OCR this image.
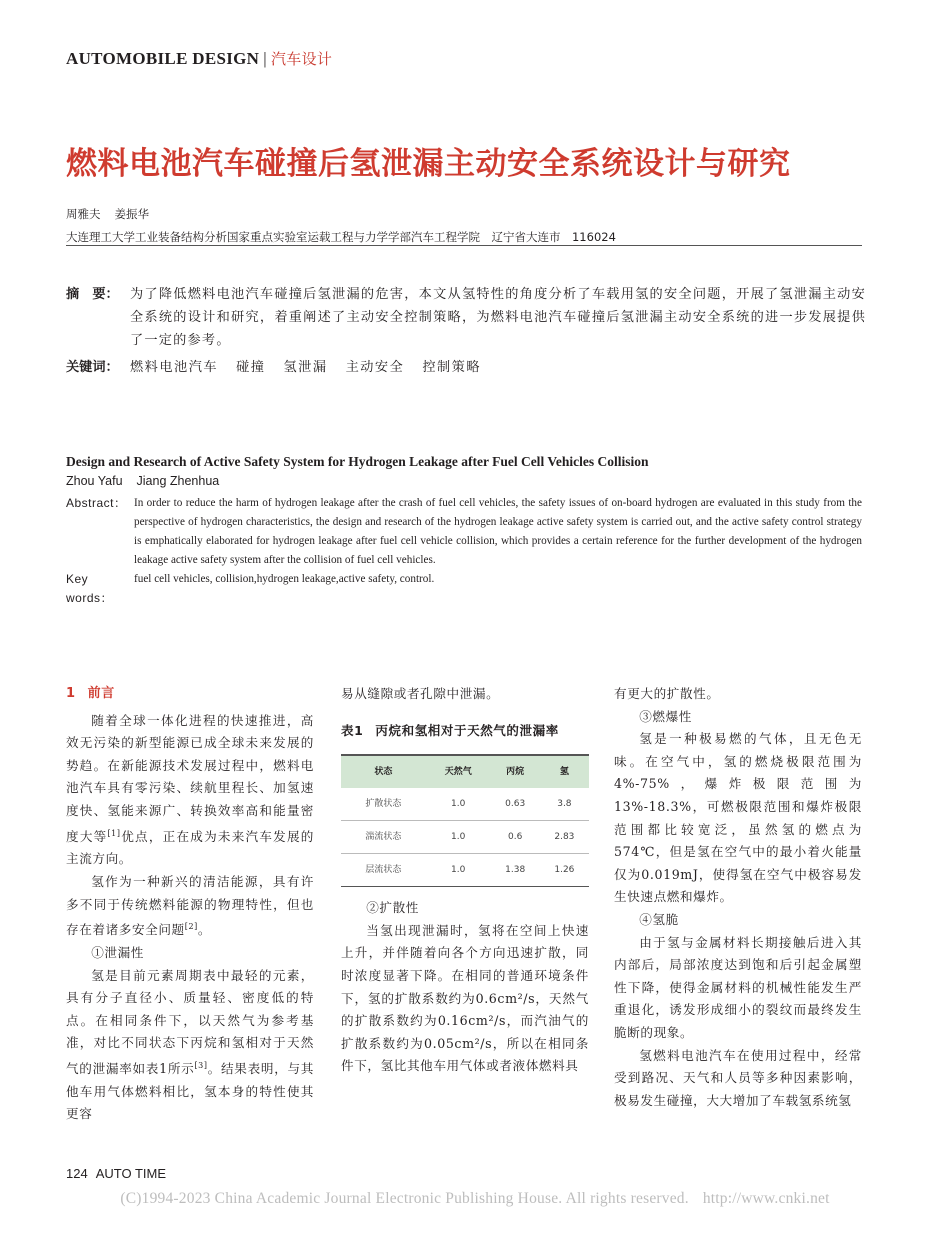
AUTOMOBILE DESIGN | 汽车设计
燃料电池汽车碰撞后氢泄漏主动安全系统设计与研究
周雅夫 姜振华
大连理工大学工业装备结构分析国家重点实验室运载工程与力学学部汽车工程学院　辽宁省大连市　116024
摘　要： 为了降低燃料电池汽车碰撞后氢泄漏的危害，本文从氢特性的角度分析了车载用氢的安全问题，开展了氢泄漏主动安全系统的设计和研究，着重阐述了主动安全控制策略，为燃料电池汽车碰撞后氢泄漏主动安全系统的进一步发展提供了一定的参考。
关键词： 燃料电池汽车 碰撞 氢泄漏 主动安全 控制策略
Design and Research of Active Safety System for Hydrogen Leakage after Fuel Cell Vehicles Collision
Zhou Yafu Jiang Zhenhua
Abstract： In order to reduce the harm of hydrogen leakage after the crash of fuel cell vehicles, the safety issues of on-board hydrogen are evaluated in this study from the perspective of hydrogen characteristics, the design and research of the hydrogen leakage active safety system is carried out, and the active safety control strategy is emphatically elaborated for hydrogen leakage after fuel cell vehicle collision, which provides a certain reference for the further development of the hydrogen leakage active safety system after the collision of fuel cell vehicles.
Key words：
fuel cell vehicles, collision,hydrogen leakage,active safety, control.

1 前言

随着全球一体化进程的快速推进，高效无污染的新型能源已成全球未来发展的势趋。在新能源技术发展过程中，燃料电池汽车具有零污染、续航里程长、加氢速度快、氢能来源广、转换效率高和能量密度大等[1]优点，正在成为未来汽车发展的主流方向。

氢作为一种新兴的清洁能源，具有许多不同于传统燃料能源的物理特性，但也存在着诸多安全问题[2]。

①泄漏性

氢是目前元素周期表中最轻的元素，具有分子直径小、质量轻、密度低的特点。在相同条件下，以天然气为参考基准，对比不同状态下丙烷和氢相对于天然气的泄漏率如表1所示[3]。结果表明，与其他车用气体燃料相比，氢本身的特性使其更容

易从缝隙或者孔隙中泄漏。

表1 丙烷和氢相对于天然气的泄漏率

状态	天然气	丙烷	氢
扩散状态	1.0	0.63	3.8
湍流状态	1.0	0.6	2.83
层流状态	1.0	1.38	1.26

②扩散性

当氢出现泄漏时，氢将在空间上快速上升，并伴随着向各个方向迅速扩散，同时浓度显著下降。在相同的普通环境条件下，氢的扩散系数约为0.6cm²/s，天然气的扩散系数约为0.16cm²/s，而汽油气的扩散系数约为0.05cm²/s，所以在相同条件下，氢比其他车用气体或者液体燃料具

有更大的扩散性。

③燃爆性

氢是一种极易燃的气体，且无色无味。在空气中，氢的燃烧极限范围为4%-75%，爆炸极限范围为13%-18.3%，可燃极限范围和爆炸极限范围都比较宽泛，虽然氢的燃点为574℃，但是氢在空气中的最小着火能量仅为0.019mJ，使得氢在空气中极容易发生快速点燃和爆炸。

④氢脆

由于氢与金属材料长期接触后进入其内部后，局部浓度达到饱和后引起金属塑性下降，使得金属材料的机械性能发生严重退化，诱发形成细小的裂纹而最终发生脆断的现象。

氢燃料电池汽车在使用过程中，经常受到路况、天气和人员等多种因素影响，极易发生碰撞，大大增加了车载氢系统氢

124 AUTO TIME
(C)1994-2023 China Academic Journal Electronic Publishing House. All rights reserved. http://www.cnki.net
